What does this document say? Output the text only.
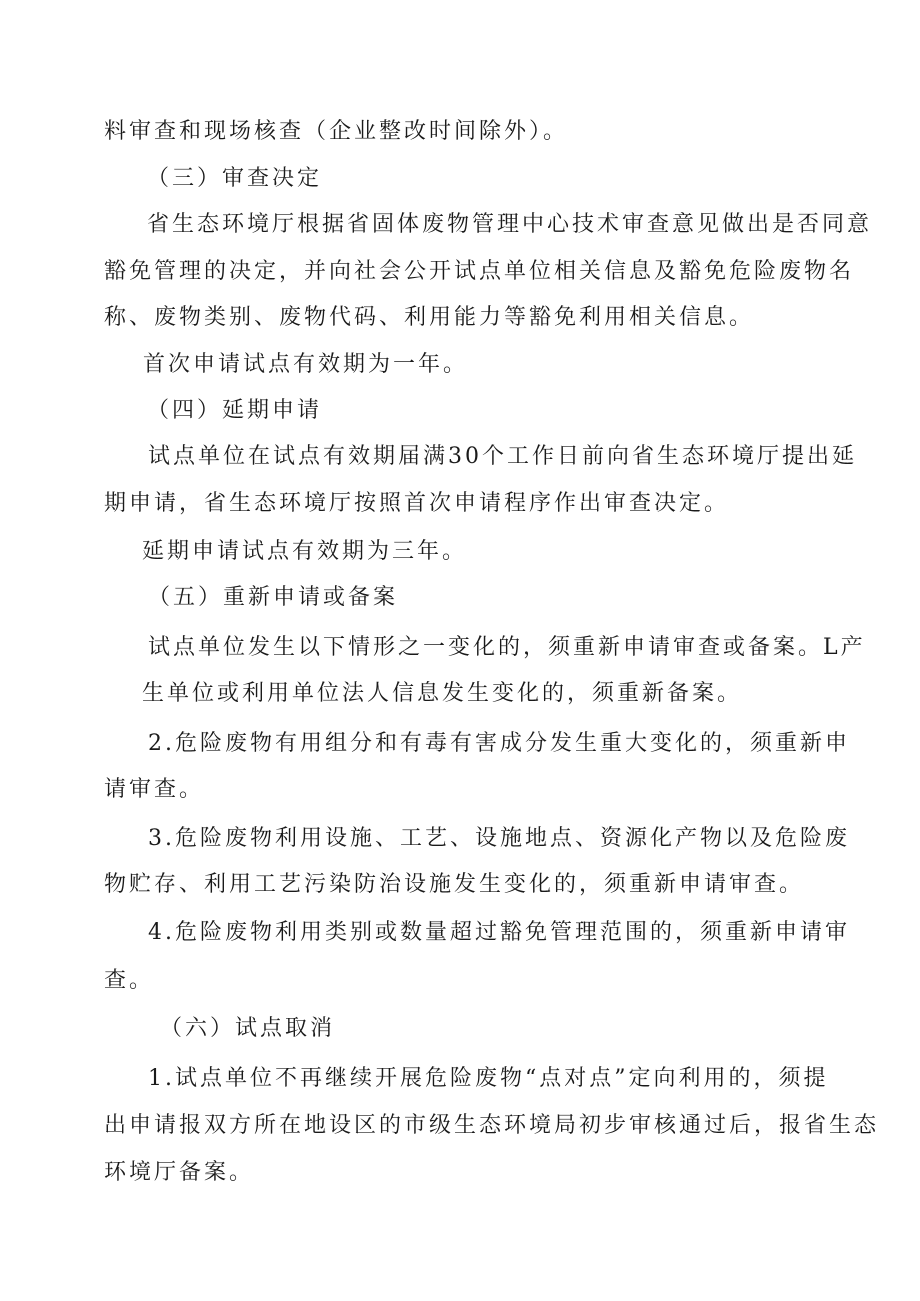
料审查和现场核查（企业整改时间除外）。
（三）审查决定
省生态环境厅根据省固体废物管理中心技术审查意见做出是否同意
豁免管理的决定，并向社会公开试点单位相关信息及豁免危险废物名
称、废物类别、废物代码、利用能力等豁免利用相关信息。
首次申请试点有效期为一年。
（四）延期申请
试点单位在试点有效期届满30个工作日前向省生态环境厅提出延
期申请，省生态环境厅按照首次申请程序作出审查决定。
延期申请试点有效期为三年。
（五）重新申请或备案
试点单位发生以下情形之一变化的，须重新申请审查或备案。L产
生单位或利用单位法人信息发生变化的，须重新备案。
2.危险废物有用组分和有毒有害成分发生重大变化的，须重新申
请审查。
3.危险废物利用设施、工艺、设施地点、资源化产物以及危险废
物贮存、利用工艺污染防治设施发生变化的，须重新申请审查。
4.危险废物利用类别或数量超过豁免管理范围的，须重新申请审
查。
（六）试点取消
1.试点单位不再继续开展危险废物“点对点”定向利用的，须提
出申请报双方所在地设区的市级生态环境局初步审核通过后，报省生态
环境厅备案。
